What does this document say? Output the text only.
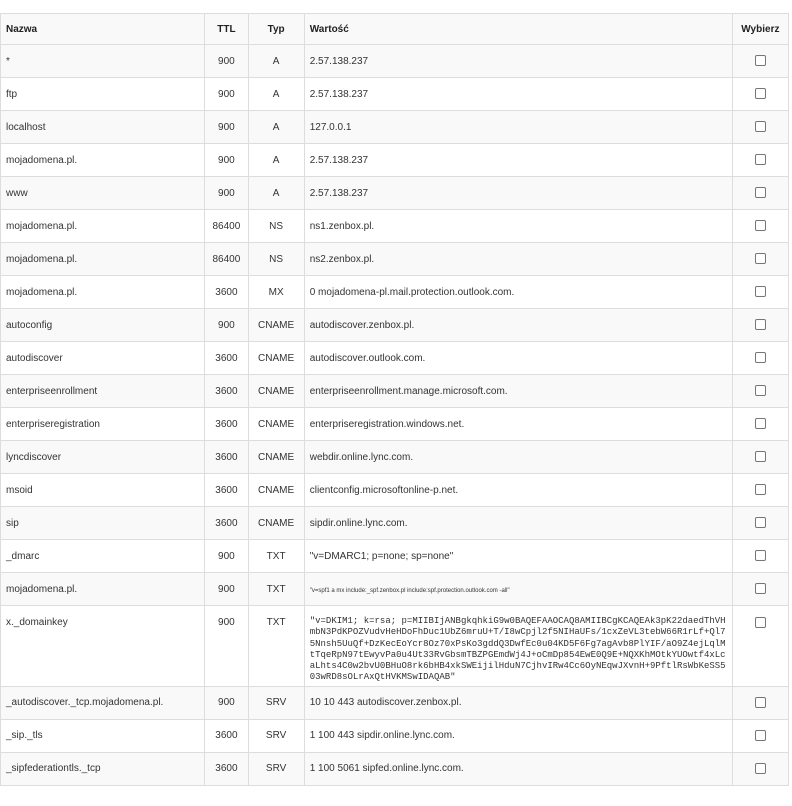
Nazwa	TTL	Typ	Wartość	Wybierz
*	900	A	2.57.138.237	
ftp	900	A	2.57.138.237	
localhost	900	A	127.0.0.1	
mojadomena.pl.	900	A	2.57.138.237	
www	900	A	2.57.138.237	
mojadomena.pl.	86400	NS	ns1.zenbox.pl.	
mojadomena.pl.	86400	NS	ns2.zenbox.pl.	
mojadomena.pl.	3600	MX	0 mojadomena-pl.mail.protection.outlook.com.	
autoconfig	900	CNAME	autodiscover.zenbox.pl.	
autodiscover	3600	CNAME	autodiscover.outlook.com.	
enterpriseenrollment	3600	CNAME	enterpriseenrollment.manage.microsoft.com.	
enterpriseregistration	3600	CNAME	enterpriseregistration.windows.net.	
lyncdiscover	3600	CNAME	webdir.online.lync.com.	
msoid	3600	CNAME	clientconfig.microsoftonline-p.net.	
sip	3600	CNAME	sipdir.online.lync.com.	
_dmarc	900	TXT	"v=DMARC1; p=none; sp=none"	
mojadomena.pl.	900	TXT	"v=spf1 a mx include:_spf.zenbox.pl include:spf.protection.outlook.com -all"	
x._domainkey	900	TXT	"v=DKIM1; k=rsa; p=MIIBIjANBgkqhkiG9w0BAQEFAAOCAQ8AMIIBCgKCAQEAk3pK22daedThVHmbN3PdKPOZVudvHeHDoFhDuc1UbZ6mruU+T/I8wCpjl2f5NIHaUFs/1cxZeVL3tebW66R1rLf+Ql75Nnsh5UuQf+DzKecEoYcr8Oz70xPsKo3gddQ3DwfEc0u04KD5F6Fg7agAvb8PlYIF/aO9Z4ejLqlMtTqeRpN97tEwyvPa0u4Ut33RvGbsmTBZPGEmdWj4J+oCmDp854EwE0Q9E+NQXKhMOtkYUOwtf4xLcaLhts4C0w2bvU0BHuO8rk6bHB4xkSWEijilHduN7CjhvIRw4Cc6OyNEqwJXvnH+9PftlRsWbKeSS503wRD8sOLrAxQtHVKMSwIDAQAB"	

_autodiscover._tcp.mojadomena.pl.	900	SRV	10 10 443 autodiscover.zenbox.pl.	
_sip._tls	3600	SRV	1 100 443 sipdir.online.lync.com.	
_sipfederationtls._tcp	3600	SRV	1 100 5061 sipfed.online.lync.com.	
